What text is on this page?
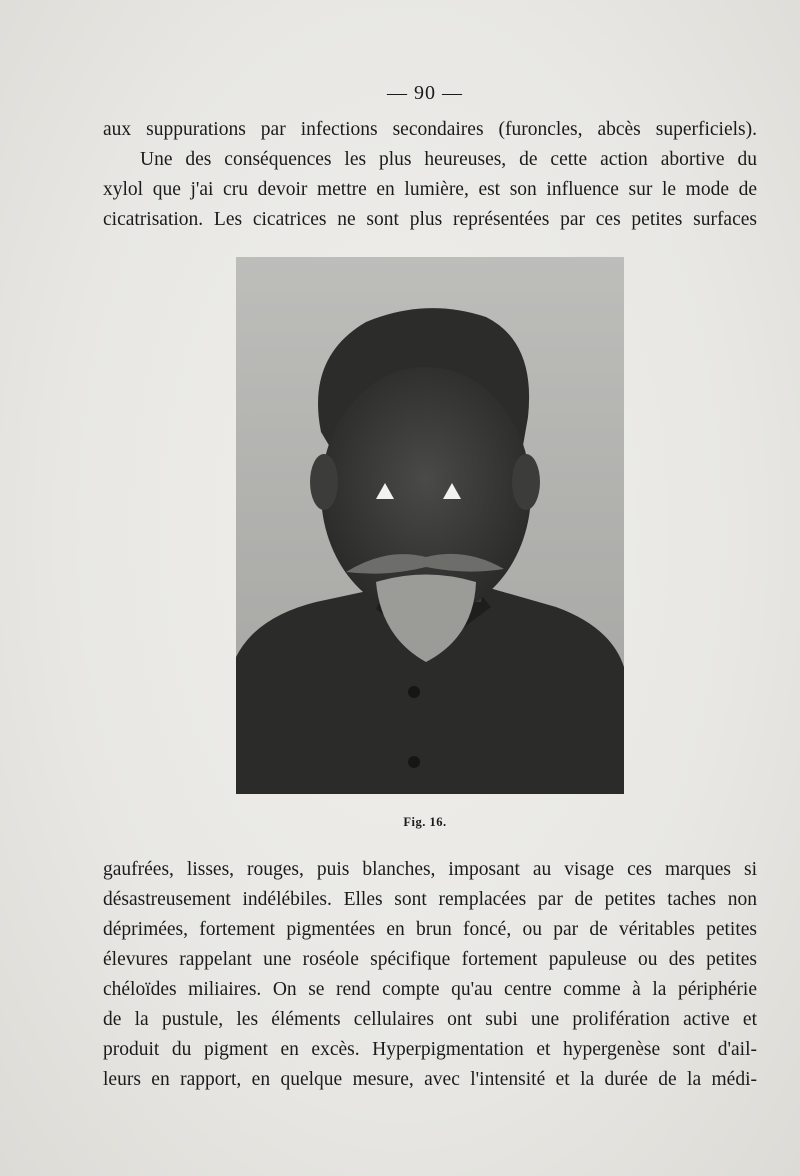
— 90 —

aux suppurations par infections secondaires (furoncles, abcès superficiels).

Une des conséquences les plus heureuses, de cette action abortive du
xylol que j'ai cru devoir mettre en lumière, est son influence sur le mode de
cicatrisation. Les cicatrices ne sont plus représentées par ces petites surfaces

Fig. 16.

gaufrées, lisses, rouges, puis blanches, imposant au visage ces marques si
désastreusement indélébiles. Elles sont remplacées par de petites taches non
déprimées, fortement pigmentées en brun foncé, ou par de véritables petites
élevures rappelant une roséole spécifique fortement papuleuse ou des petites
chéloïdes miliaires. On se rend compte qu'au centre comme à la périphérie
de la pustule, les éléments cellulaires ont subi une prolifération active et
produit du pigment en excès. Hyperpigmentation et hypergenèse sont d'ail-
leurs en rapport, en quelque mesure, avec l'intensité et la durée de la médi-
